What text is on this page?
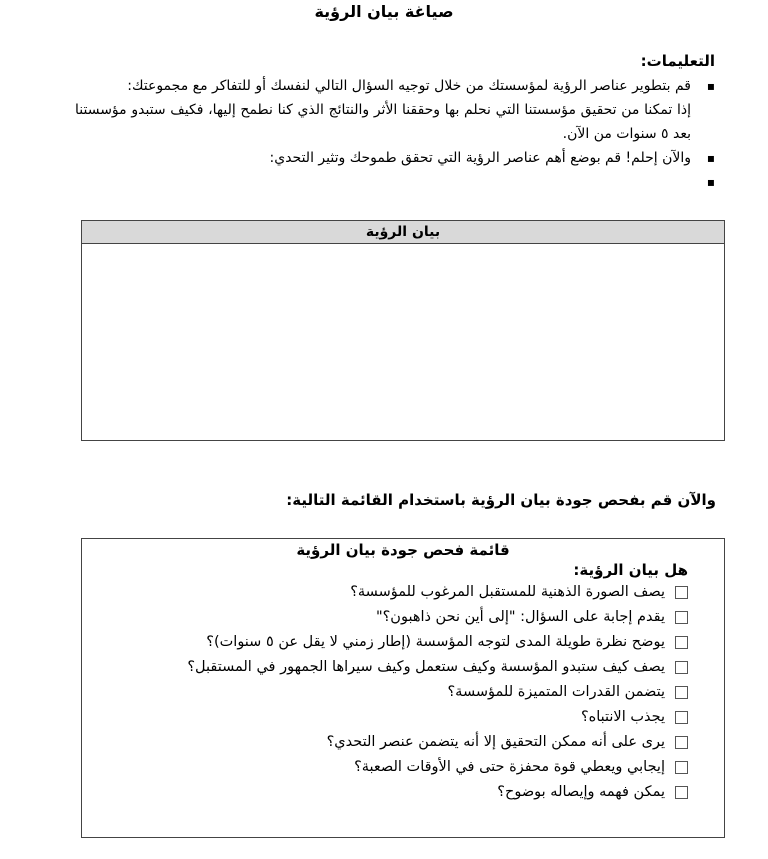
صياغة بيان الرؤية
التعليمات:
▪ قم بتطوير عناصر الرؤية لمؤسستك من خلال توجيه السؤال التالي لنفسك أو للتفاكر مع مجموعتك:
إذا تمكنا من تحقيق مؤسستنا التي نحلم بها وحققنا الأثر والنتائج الذي كنا نطمح إليها، فكيف ستبدو مؤسستنا بعد ٥ سنوات من الآن.
▪ والآن إحلم! قم بوضع أهم عناصر الرؤية التي تحقق طموحك وتثير التحدي:
▪
بيان الرؤية
والآن قم بفحص جودة بيان الرؤية باستخدام القائمة التالية:
قائمة فحص جودة بيان الرؤية
هل بيان الرؤية:
يصف الصورة الذهنية للمستقبل المرغوب للمؤسسة؟
يقدم إجابة على السؤال: "إلى أين نحن ذاهبون؟"
يوضح نظرة طويلة المدى لتوجه المؤسسة (إطار زمني لا يقل عن ٥ سنوات)؟
يصف كيف ستبدو المؤسسة وكيف ستعمل وكيف سيراها الجمهور في المستقبل؟
يتضمن القدرات المتميزة للمؤسسة؟
يجذب الانتباه؟
يرى على أنه ممكن التحقيق إلا أنه يتضمن عنصر التحدي؟
إيجابي ويعطي قوة محفزة حتى في الأوقات الصعبة؟
يمكن فهمه وإيصاله بوضوح؟
